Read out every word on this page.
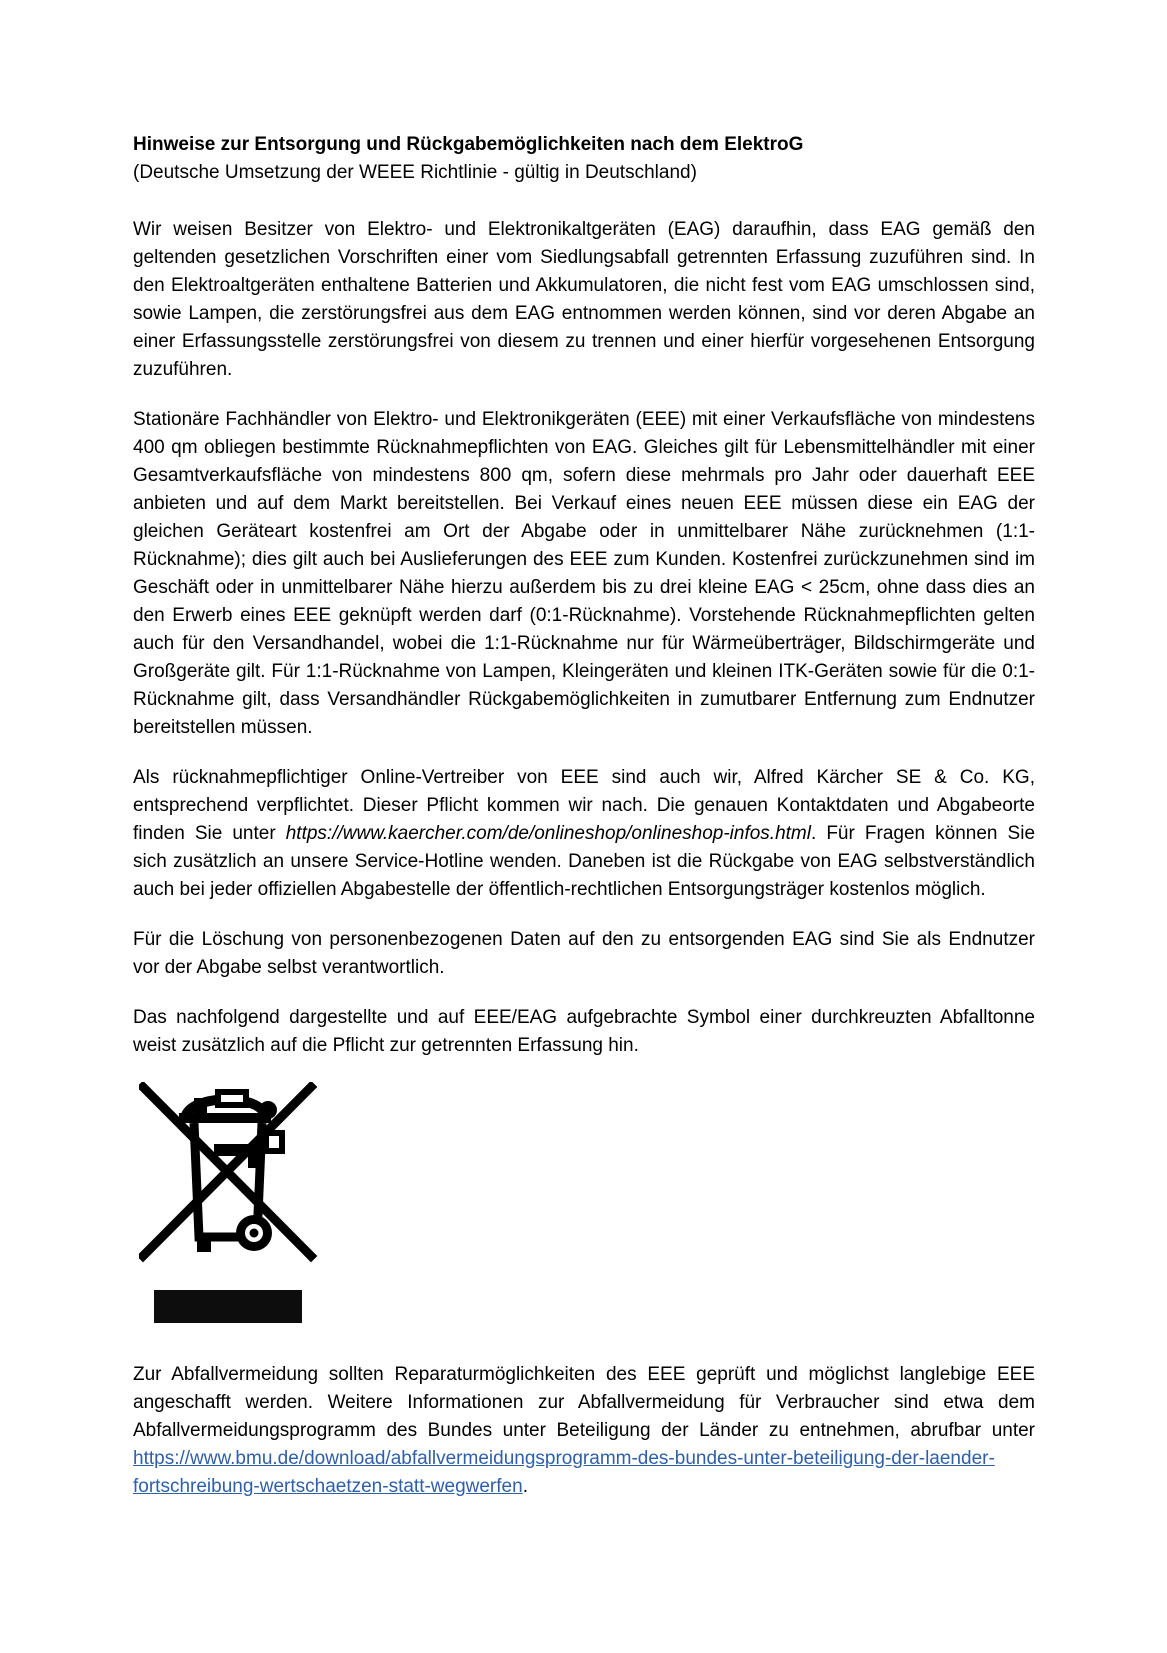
Hinweise zur Entsorgung und Rückgabemöglichkeiten nach dem ElektroG

(Deutsche Umsetzung der WEEE Richtlinie - gültig in Deutschland)

Wir weisen Besitzer von Elektro- und Elektronikaltgeräten (EAG) daraufhin, dass EAG gemäß den geltenden gesetzlichen Vorschriften einer vom Siedlungsabfall getrennten Erfassung zuzuführen sind. In den Elektroaltgeräten enthaltene Batterien und Akkumulatoren, die nicht fest vom EAG umschlossen sind, sowie Lampen, die zerstörungsfrei aus dem EAG entnommen werden können, sind vor deren Abgabe an einer Erfassungsstelle zerstörungsfrei von diesem zu trennen und einer hierfür vorgesehenen Entsorgung zuzuführen.

Stationäre Fachhändler von Elektro- und Elektronikgeräten (EEE) mit einer Verkaufsfläche von mindestens 400 qm obliegen bestimmte Rücknahmepflichten von EAG. Gleiches gilt für Lebensmittelhändler mit einer Gesamtverkaufsfläche von mindestens 800 qm, sofern diese mehrmals pro Jahr oder dauerhaft EEE anbieten und auf dem Markt bereitstellen. Bei Verkauf eines neuen EEE müssen diese ein EAG der gleichen Geräteart kostenfrei am Ort der Abgabe oder in unmittelbarer Nähe zurücknehmen (1:1-Rücknahme); dies gilt auch bei Auslieferungen des EEE zum Kunden. Kostenfrei zurückzunehmen sind im Geschäft oder in unmittelbarer Nähe hierzu außerdem bis zu drei kleine EAG < 25cm, ohne dass dies an den Erwerb eines EEE geknüpft werden darf (0:1-Rücknahme). Vorstehende Rücknahmepflichten gelten auch für den Versandhandel, wobei die 1:1-Rücknahme nur für Wärmeüberträger, Bildschirmgeräte und Großgeräte gilt. Für 1:1-Rücknahme von Lampen, Kleingeräten und kleinen ITK-Geräten sowie für die 0:1-Rücknahme gilt, dass Versandhändler Rückgabemöglichkeiten in zumutbarer Entfernung zum Endnutzer bereitstellen müssen.

Als rücknahmepflichtiger Online-Vertreiber von EEE sind auch wir, Alfred Kärcher SE & Co. KG, entsprechend verpflichtet. Dieser Pflicht kommen wir nach. Die genauen Kontaktdaten und Abgabeorte finden Sie unter https://www.kaercher.com/de/onlineshop/onlineshop-infos.html. Für Fragen können Sie sich zusätzlich an unsere Service-Hotline wenden. Daneben ist die Rückgabe von EAG selbstverständlich auch bei jeder offiziellen Abgabestelle der öffentlich-rechtlichen Entsorgungsträger kostenlos möglich.

Für die Löschung von personenbezogenen Daten auf den zu entsorgenden EAG sind Sie als Endnutzer vor der Abgabe selbst verantwortlich.

Das nachfolgend dargestellte und auf EEE/EAG aufgebrachte Symbol einer durchkreuzten Abfalltonne weist zusätzlich auf die Pflicht zur getrennten Erfassung hin.

Zur Abfallvermeidung sollten Reparaturmöglichkeiten des EEE geprüft und möglichst langlebige EEE angeschafft werden. Weitere Informationen zur Abfallvermeidung für Verbraucher sind etwa dem Abfallvermeidungsprogramm des Bundes unter Beteiligung der Länder zu entnehmen, abrufbar unter https://www.bmu.de/download/abfallvermeidungsprogramm-des-bundes-unter-beteiligung-der-laender-fortschreibung-wertschaetzen-statt-wegwerfen.
